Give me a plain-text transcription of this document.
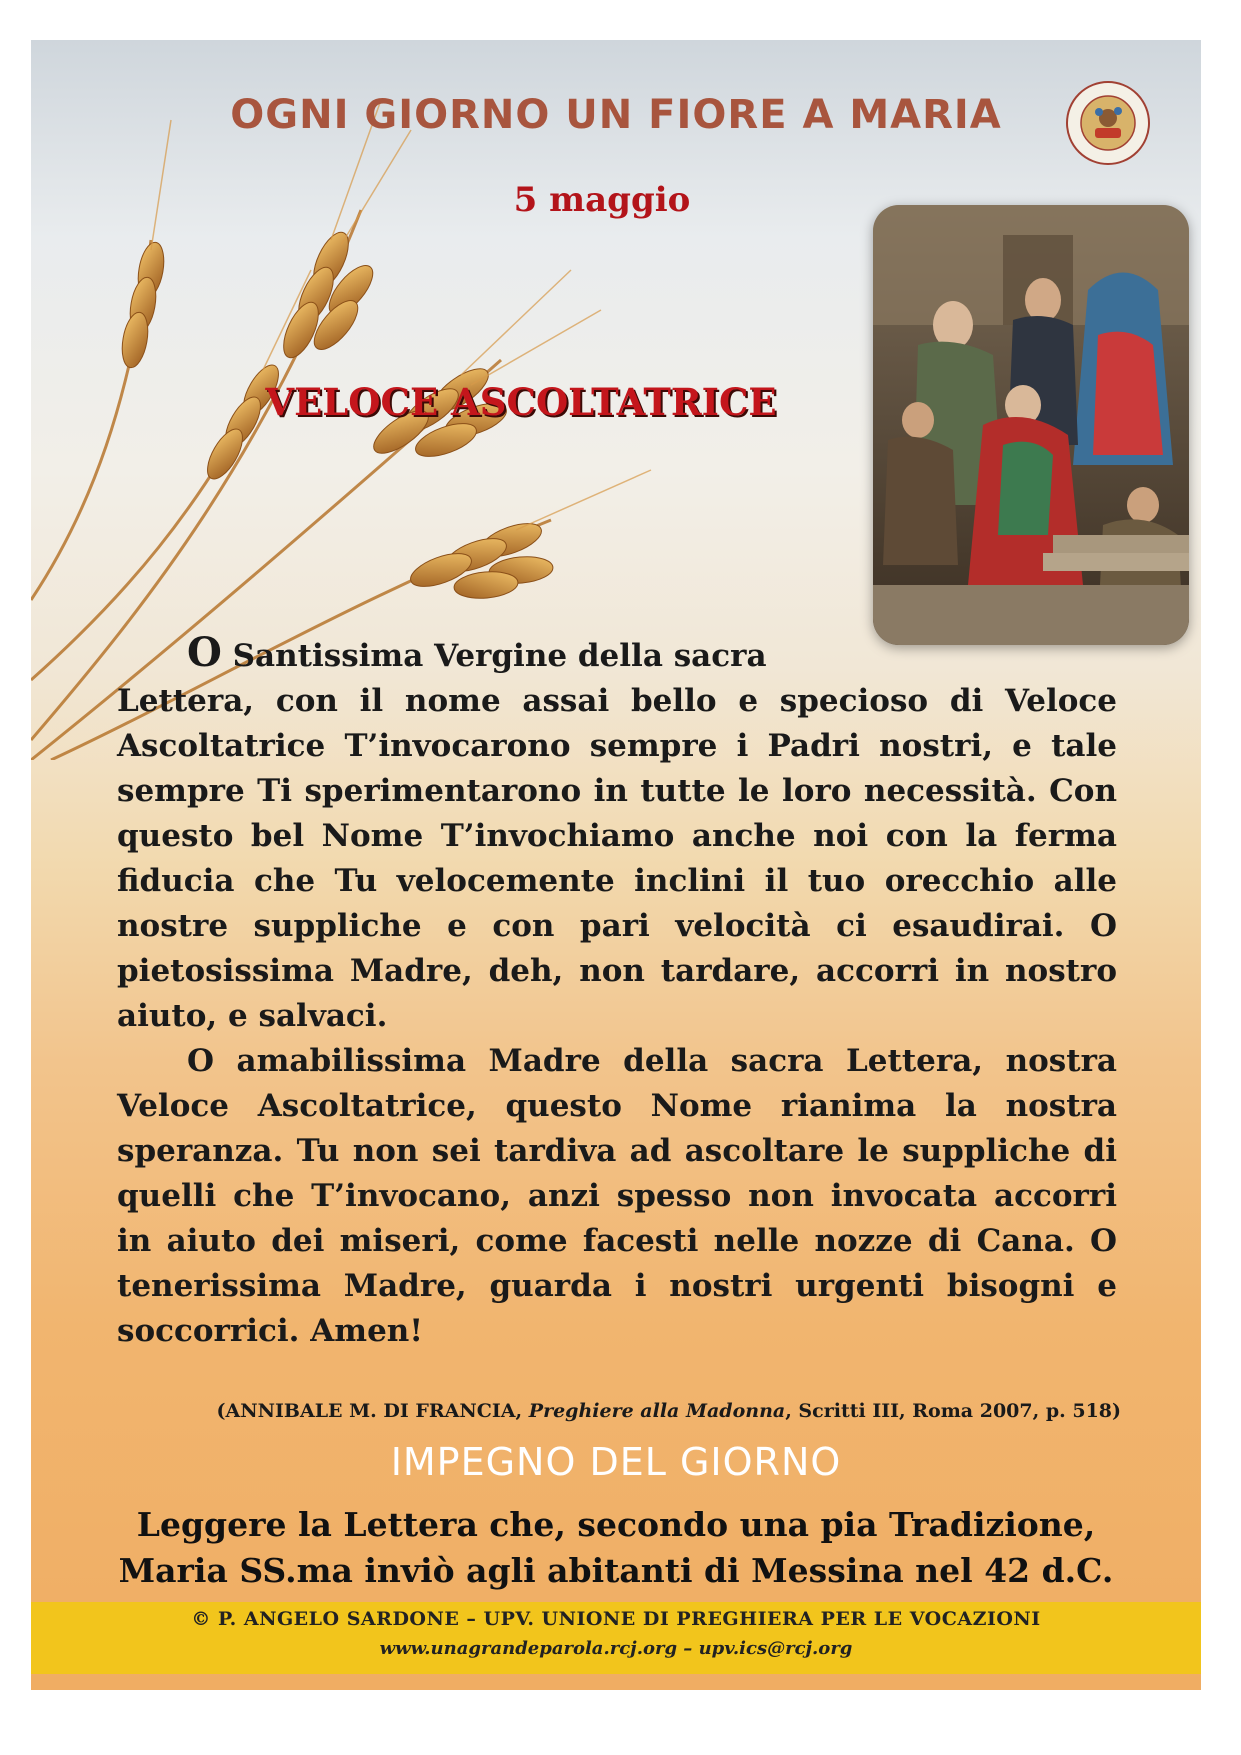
OGNI GIORNO UN FIORE A MARIA
5 maggio
VELOCE ASCOLTATRICE

O Santissima Vergine della sacra
Lettera, con il nome assai bello e specioso di Veloce Ascoltatrice T’invocarono sempre i Padri nostri, e tale sempre Ti sperimentarono in tutte le loro necessità. Con questo bel Nome T’invochiamo anche noi con la ferma fiducia che Tu velocemente inclini il tuo orecchio alle nostre suppliche e con pari velocità ci esaudirai. O pietosissima Madre, deh, non tardare, accorri in nostro aiuto, e salvaci.

O amabilissima Madre della sacra Lettera, nostra Veloce Ascoltatrice, questo Nome rianima la nostra speranza. Tu non sei tardiva ad ascoltare le suppliche di quelli che T’invocano, anzi spesso non invocata accorri in aiuto dei miseri, come facesti nelle nozze di Cana. O tenerissima Madre, guarda i nostri urgenti bisogni e soccorrici. Amen!

(ANNIBALE M. DI FRANCIA, Preghiere alla Madonna, Scritti III, Roma 2007, p. 518)
IMPEGNO DEL GIORNO
Leggere la Lettera che, secondo una pia Tradizione,
Maria SS.ma inviò agli abitanti di Messina nel 42 d.C.
© P. ANGELO SARDONE – UPV. UNIONE DI PREGHIERA PER LE VOCAZIONI
www.unagrandeparola.rcj.org – upv.ics@rcj.org
